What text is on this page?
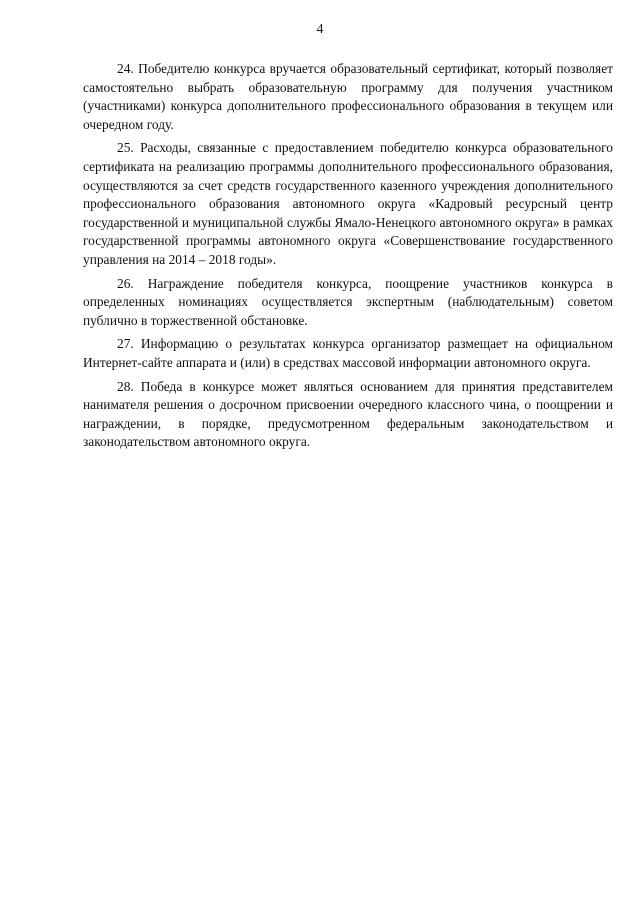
4

24. Победителю конкурса вручается образовательный сертификат, который позволяет самостоятельно выбрать образовательную программу для получения участником (участниками) конкурса дополнительного профессионального образования в текущем или очередном году.

25. Расходы, связанные с предоставлением победителю конкурса образовательного сертификата на реализацию программы дополнительного профессионального образования, осуществляются за счет средств государственного казенного учреждения дополнительного профессионального образования автономного округа «Кадровый ресурсный центр государственной и муниципальной службы Ямало-Ненецкого автономного округа» в рамках государственной программы автономного округа «Совершенствование государственного управления на 2014 – 2018 годы».

26. Награждение победителя конкурса, поощрение участников конкурса в определенных номинациях осуществляется экспертным (наблюдательным) советом публично в торжественной обстановке.

27. Информацию о результатах конкурса организатор размещает на официальном Интернет-сайте аппарата и (или) в средствах массовой информации автономного округа.

28. Победа в конкурсе может являться основанием для принятия представителем нанимателя решения о досрочном присвоении очередного классного чина, о поощрении и награждении, в порядке, предусмотренном федеральным законодательством и законодательством автономного округа.
